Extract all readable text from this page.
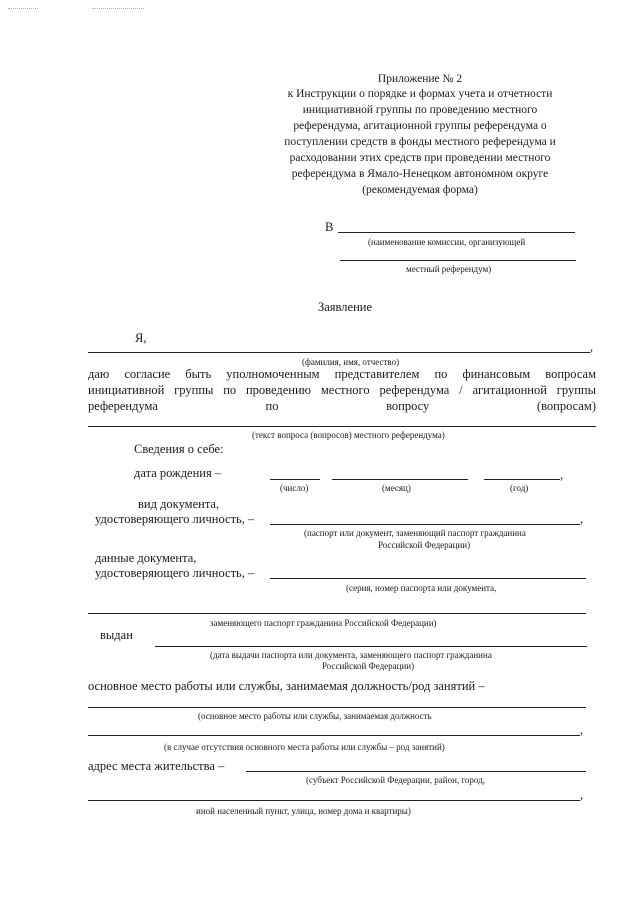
Приложение № 2
к Инструкции о порядке и формах учета и отчетности
инициативной группы по проведению местного
референдума, агитационной группы референдума о
поступлении средств в фонды местного референдума и
расходовании этих средств при проведении местного
референдума в Ямало-Ненецком автономном округе
(рекомендуемая форма)
В
(наименование комиссии, организующей
местный референдум)
Заявление
Я,
,
(фамилия, имя, отчество)
даю согласие быть уполномоченным представителем по финансовым вопросам
инициативной группы по проведению местного референдума / агитационной группы
референдума по вопросу (вопросам)
(текст вопроса (вопросов) местного референдума)
Сведения о себе:
дата рождения –	,
(число)	(месяц)	(год)
вид документа,
удостоверяющего личность, –	,
(паспорт или документ, заменяющий паспорт гражданина
Российской Федерации)
данные документа,
удостоверяющего личность, –
(серия, номер паспорта или документа,
заменяющего паспорт гражданина Российской Федерации)
выдан
(дата выдачи паспорта или документа, заменяющего паспорт гражданина
Российской Федерации)
основное место работы или службы, занимаемая должность/род занятий –
(основное место работы или службы, занимаемая должность
,
(в случае отсутствия основного места работы или службы – род занятий)
адрес места жительства –
(субъект Российской Федерации, район, город,
,
иной населенный пункт, улица, номер дома и квартиры)
